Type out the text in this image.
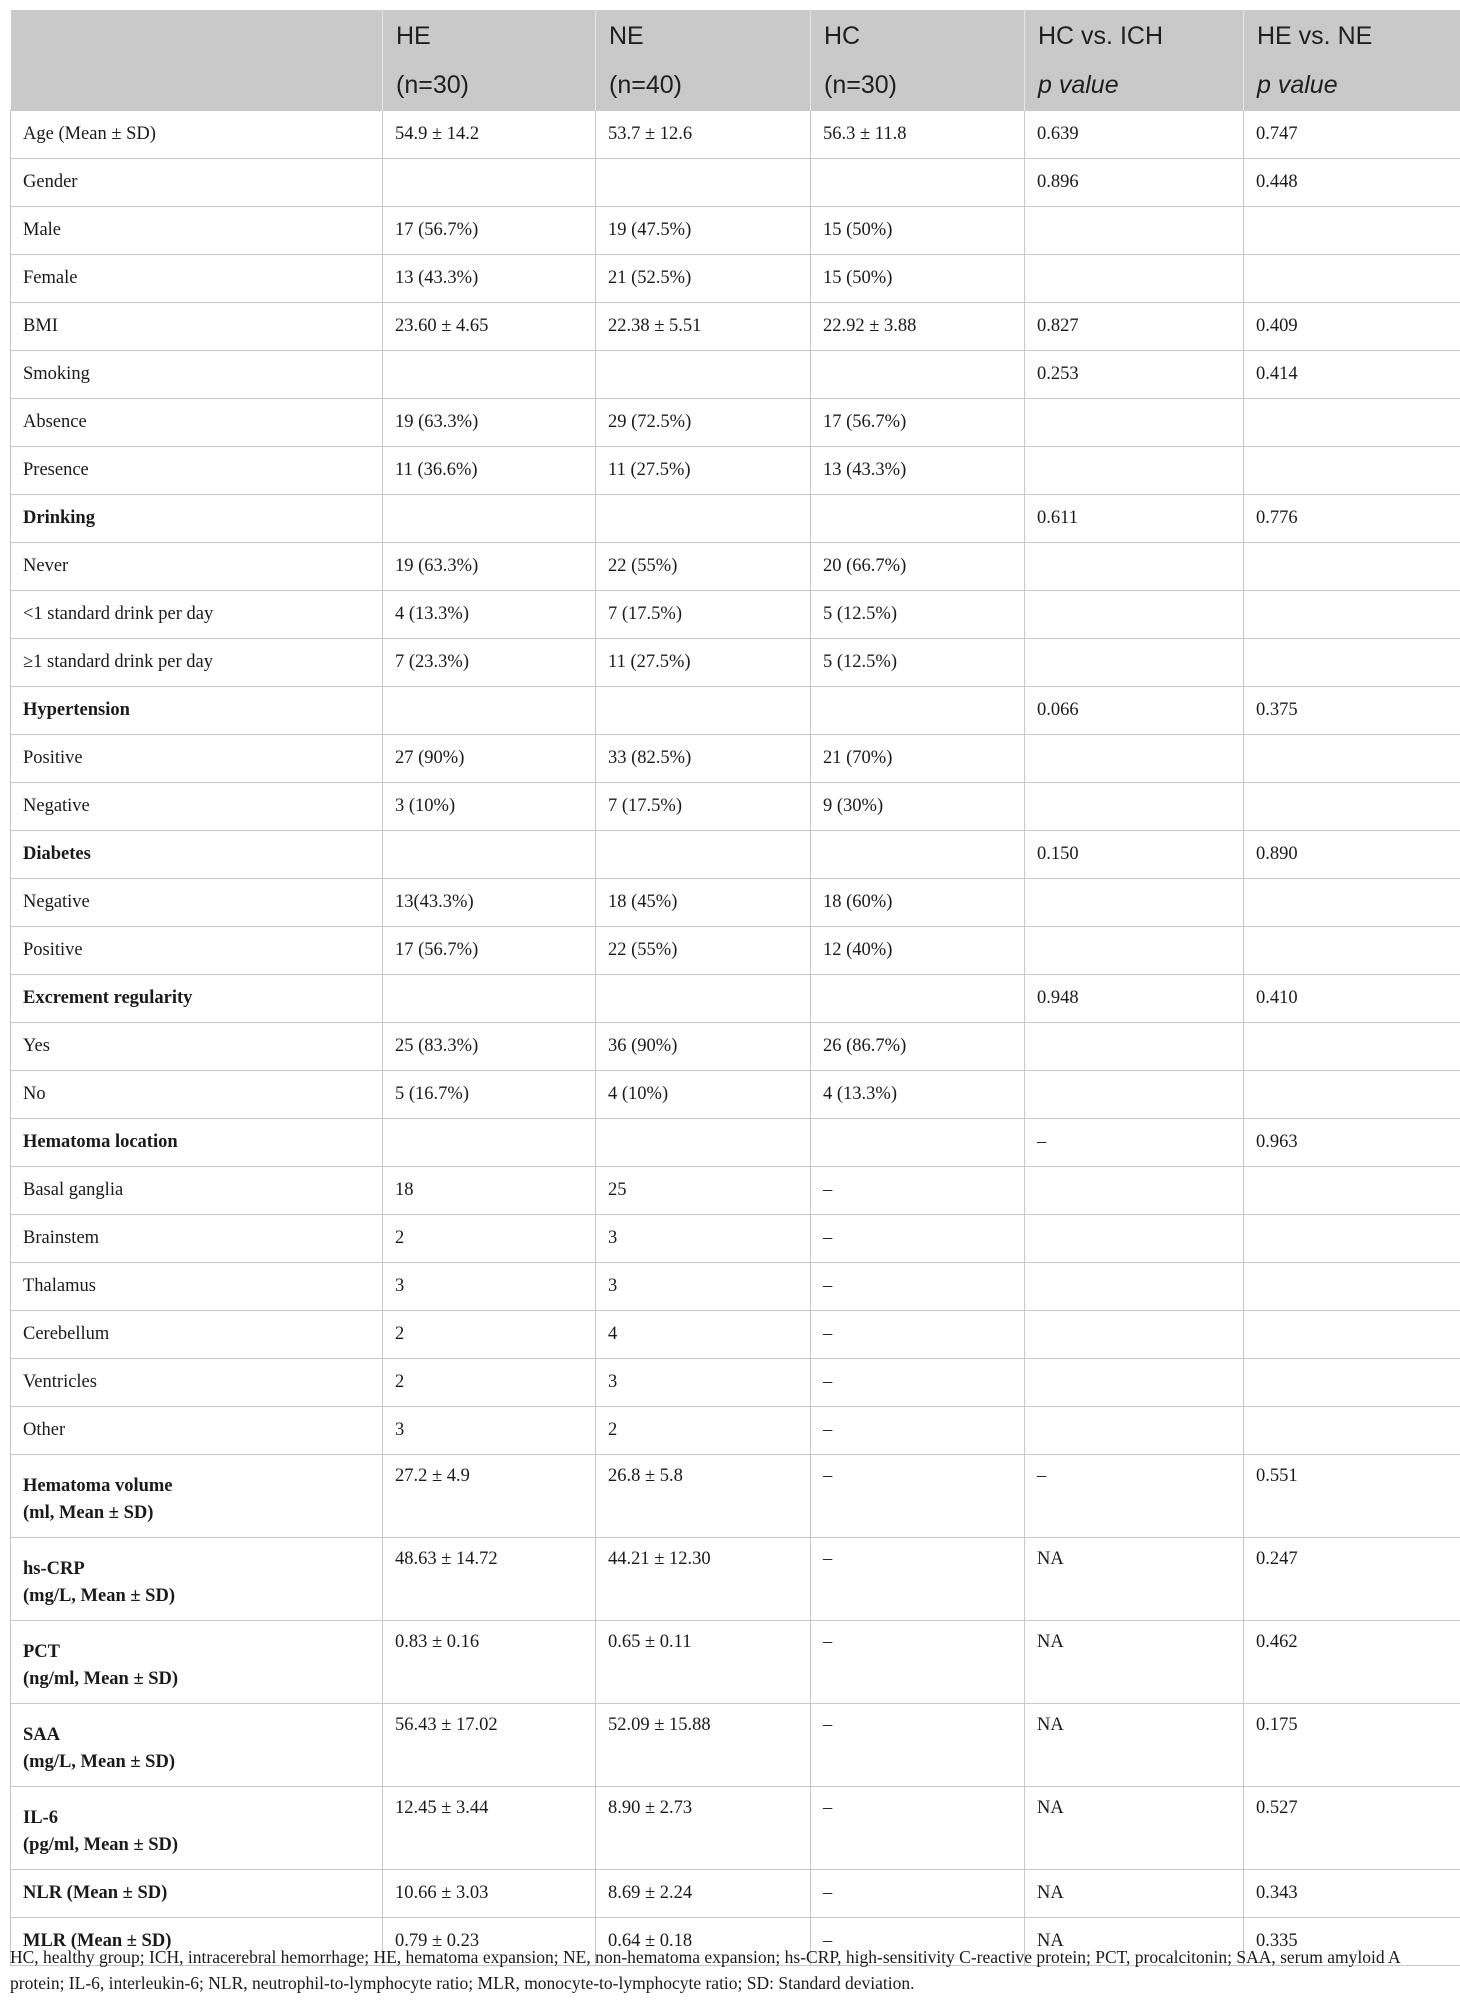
	HE	NE	HC	HC vs. ICH	HE vs. NE
	(n=30)	(n=40)	(n=30)	p value	p value
Age (Mean ± SD)	54.9 ± 14.2	53.7 ± 12.6	56.3 ± 11.8	0.639	0.747
Gender				0.896	0.448
Male	17 (56.7%)	19 (47.5%)	15 (50%)		
Female	13 (43.3%)	21 (52.5%)	15 (50%)		
BMI	23.60 ± 4.65	22.38 ± 5.51	22.92 ± 3.88	0.827	0.409
Smoking				0.253	0.414
Absence	19 (63.3%)	29 (72.5%)	17 (56.7%)		
Presence	11 (36.6%)	11 (27.5%)	13 (43.3%)		
Drinking				0.611	0.776
Never	19 (63.3%)	22 (55%)	20 (66.7%)		
<1 standard drink per day	4 (13.3%)	7 (17.5%)	5 (12.5%)		
≥1 standard drink per day	7 (23.3%)	11 (27.5%)	5 (12.5%)		
Hypertension				0.066	0.375
Positive	27 (90%)	33 (82.5%)	21 (70%)		
Negative	3 (10%)	7 (17.5%)	9 (30%)		
Diabetes				0.150	0.890
Negative	13(43.3%)	18 (45%)	18 (60%)		
Positive	17 (56.7%)	22 (55%)	12 (40%)		
Excrement regularity				0.948	0.410
Yes	25 (83.3%)	36 (90%)	26 (86.7%)		
No	5 (16.7%)	4 (10%)	4 (13.3%)		
Hematoma location				–	0.963
Basal ganglia	18	25	–		
Brainstem	2	3	–		
Thalamus	3	3	–		
Cerebellum	2	4	–		
Ventricles	2	3	–		
Other	3	2	–		
Hematoma volume
(ml, Mean ± SD)	27.2 ± 4.9	26.8 ± 5.8	–	–	0.551
hs-CRP
(mg/L, Mean ± SD)	48.63 ± 14.72	44.21 ± 12.30	–	NA	0.247
PCT
(ng/ml, Mean ± SD)	0.83 ± 0.16	0.65 ± 0.11	–	NA	0.462
SAA
(mg/L, Mean ± SD)	56.43 ± 17.02	52.09 ± 15.88	–	NA	0.175
IL-6
(pg/ml, Mean ± SD)	12.45 ± 3.44	8.90 ± 2.73	–	NA	0.527
NLR (Mean ± SD)	10.66 ± 3.03	8.69 ± 2.24	–	NA	0.343
MLR (Mean ± SD)	0.79 ± 0.23	0.64 ± 0.18	–	NA	0.335
HC, healthy group; ICH, intracerebral hemorrhage; HE, hematoma expansion; NE, non-hematoma expansion; hs-CRP, high-sensitivity C-reactive protein; PCT, procalcitonin; SAA, serum amyloid A protein; IL-6, interleukin-6; NLR, neutrophil-to-lymphocyte ratio; MLR, monocyte-to-lymphocyte ratio; SD: Standard deviation.
